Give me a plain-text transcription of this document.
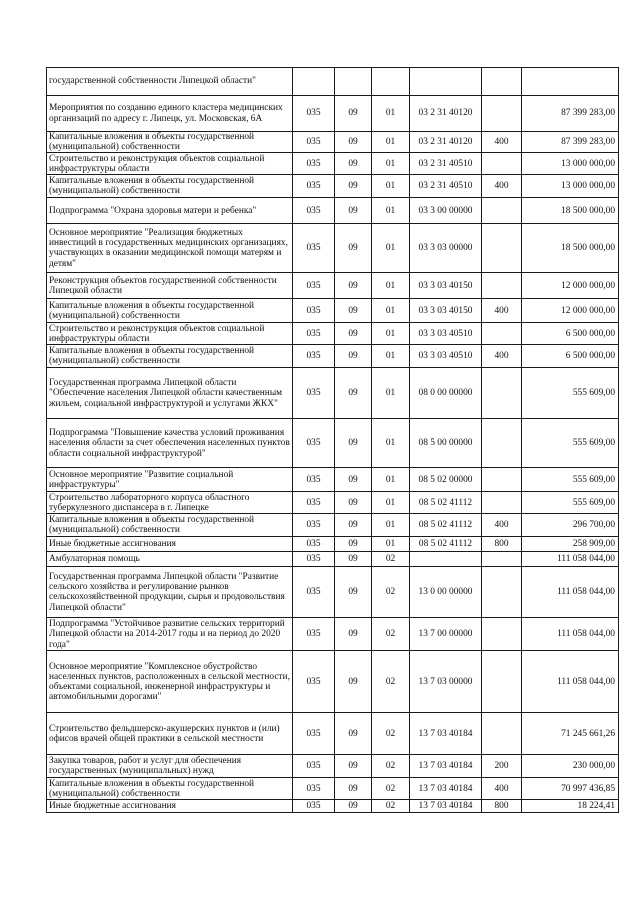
государственной собственности Липецкой области"						
Мероприятия по созданию единого кластера медицинских организаций по адресу г. Липецк, ул. Московская, 6А	035	09	01	03 2 31 40120		87 399 283,00
Капитальные вложения в объекты государственной (муниципальной) собственности	035	09	01	03 2 31 40120	400	87 399 283,00
Строительство и реконструкция объектов социальной инфраструктуры области	035	09	01	03 2 31 40510		13 000 000,00
Капитальные вложения в объекты государственной (муниципальной) собственности	035	09	01	03 2 31 40510	400	13 000 000,00
Подпрограмма "Охрана здоровья матери и ребенка"	035	09	01	03 3 00 00000		18 500 000,00
Основное мероприятие "Реализация бюджетных инвестиций в государственных медицинских организациях, участвующих в оказании медицинской помощи матерям и детям"	035	09	01	03 3 03 00000		18 500 000,00
Реконструкция объектов государственной собственности Липецкой области	035	09	01	03 3 03 40150		12 000 000,00
Капитальные вложения в объекты государственной (муниципальной) собственности	035	09	01	03 3 03 40150	400	12 000 000,00
Строительство и реконструкция объектов социальной инфраструктуры области	035	09	01	03 3 03 40510		6 500 000,00
Капитальные вложения в объекты государственной (муниципальной) собственности	035	09	01	03 3 03 40510	400	6 500 000,00
Государственная программа Липецкой области "Обеспечение населения Липецкой области качественным жильем, социальной инфраструктурой и услугами ЖКХ"	035	09	01	08 0 00 00000		555 609,00
Подпрограмма "Повышение качества условий проживания населения области за счет обеспечения населенных пунктов области социальной инфраструктурой"	035	09	01	08 5 00 00000		555 609,00
Основное мероприятие "Развитие социальной инфраструктуры"	035	09	01	08 5 02 00000		555 609,00
Строительство лабораторного корпуса областного туберкулезного диспансера в г. Липецке	035	09	01	08 5 02 41112		555 609,00
Капитальные вложения в объекты государственной (муниципальной) собственности	035	09	01	08 5 02 41112	400	296 700,00
Иные бюджетные ассигнования	035	09	01	08 5 02 41112	800	258 909,00
Амбулаторная помощь	035	09	02			111 058 044,00
Государственная программа Липецкой области "Развитие сельского хозяйства и регулирование рынков сельскохозяйственной продукции, сырья и продовольствия Липецкой области"	035	09	02	13 0 00 00000		111 058 044,00
Подпрограмма "Устойчивое развитие сельских территорий Липецкой области на 2014-2017 годы и на период до 2020 года"	035	09	02	13 7 00 00000		111 058 044,00
Основное мероприятие "Комплексное обустройство населенных пунктов, расположенных в сельской местности, объектами социальной, инженерной инфраструктуры и автомобильными дорогами"	035	09	02	13 7 03 00000		111 058 044,00
Строительство фельдшерско-акушерских пунктов и (или) офисов врачей общей практики в сельской местности	035	09	02	13 7 03 40184		71 245 661,26
Закупка товаров, работ и услуг для обеспечения государственных (муниципальных) нужд	035	09	02	13 7 03 40184	200	230 000,00
Капитальные вложения в объекты государственной (муниципальной) собственности	035	09	02	13 7 03 40184	400	70 997 436,85
Иные бюджетные ассигнования	035	09	02	13 7 03 40184	800	18 224,41
